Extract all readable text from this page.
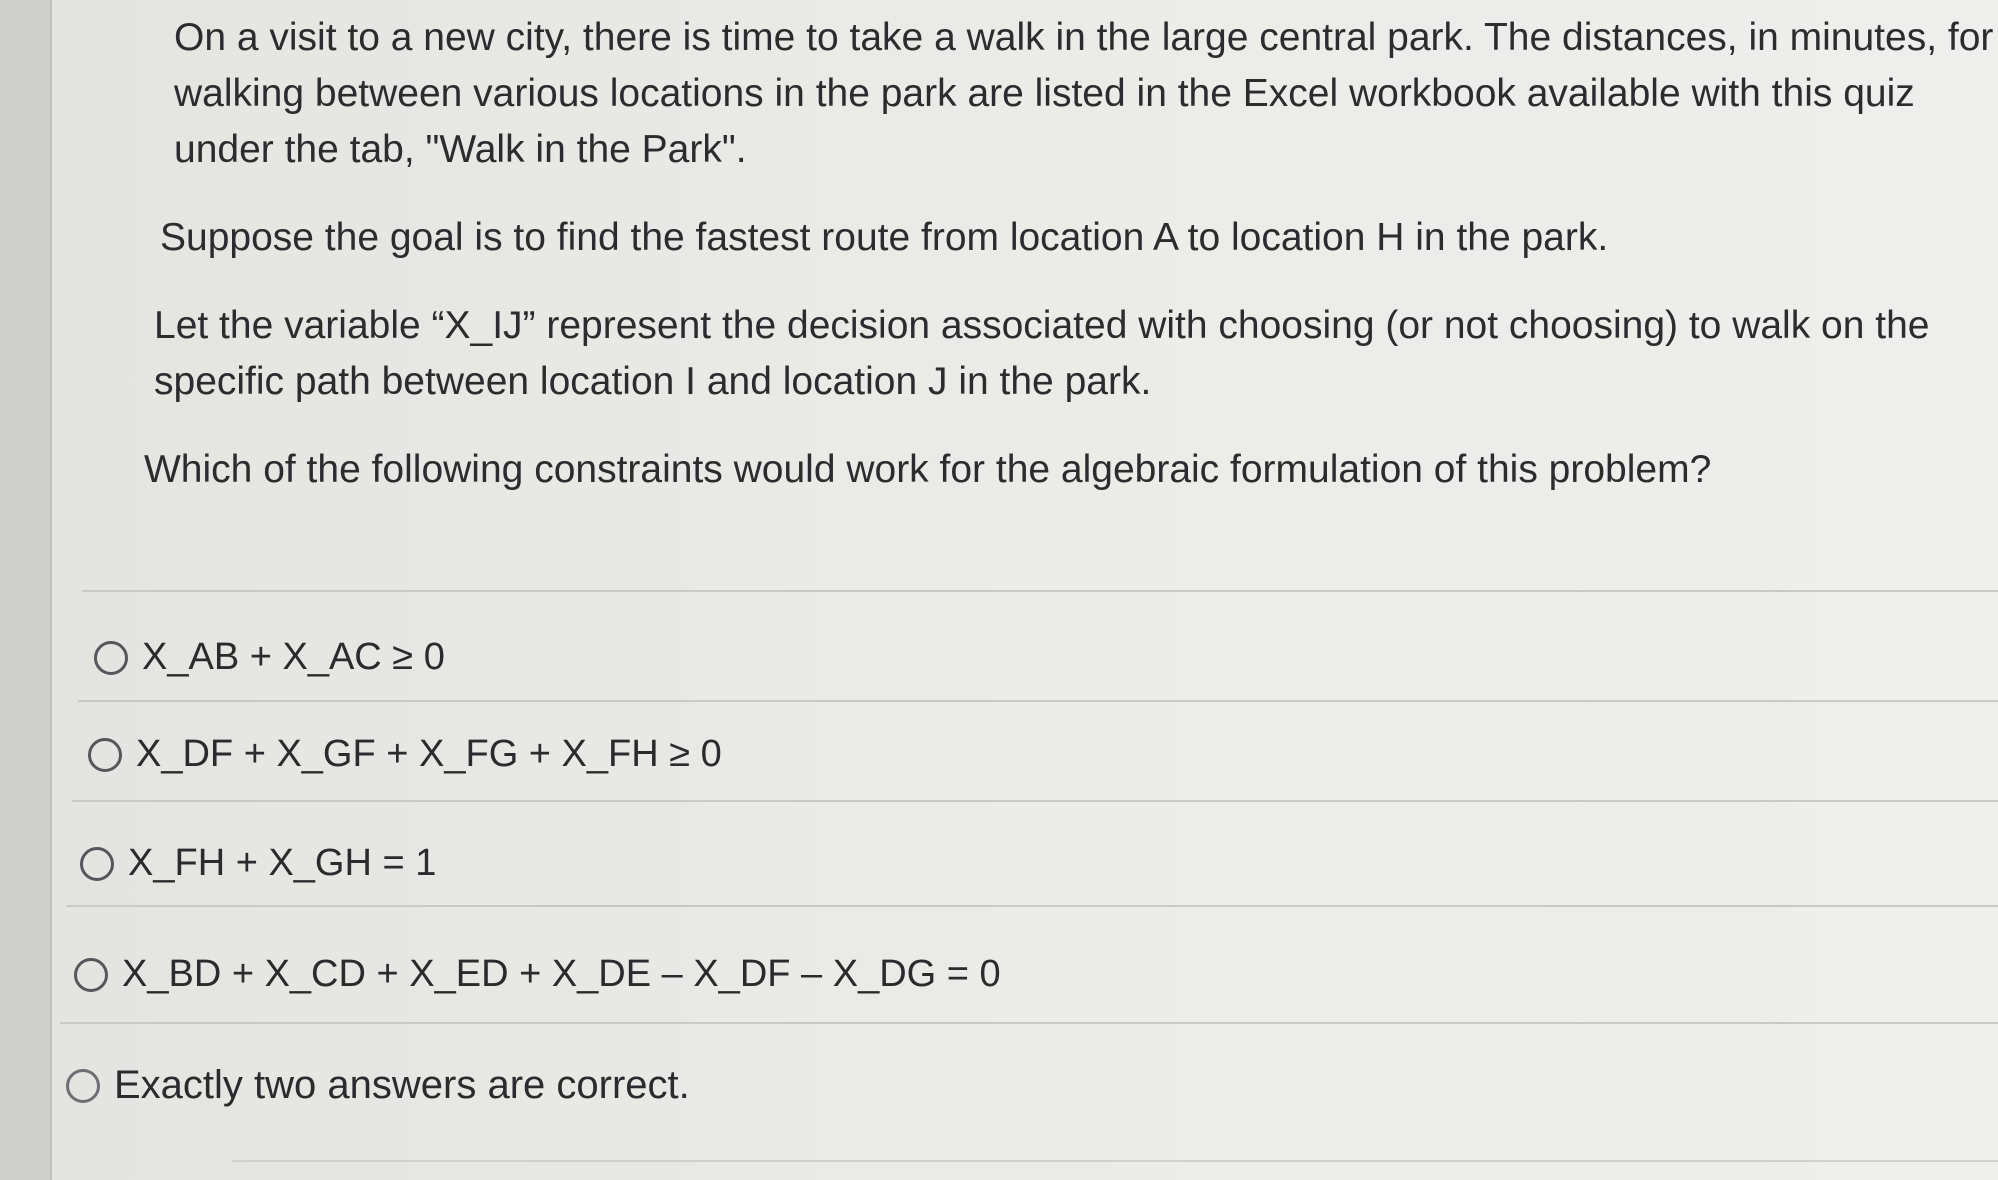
On a visit to a new city, there is time to take a walk in the large central park. The distances, in minutes, for walking between various locations in the park are listed in the Excel workbook available with this quiz under the tab, "Walk in the Park".

Suppose the goal is to find the fastest route from location A to location H in the park.

Let the variable “X_IJ” represent the decision associated with choosing (or not choosing) to walk on the specific path between location I and location J in the park.

Which of the following constraints would work for the algebraic formulation of this problem?

X_AB + X_AC ≥ 0
X_DF + X_GF + X_FG + X_FH ≥ 0
X_FH + X_GH = 1
X_BD + X_CD + X_ED + X_DE – X_DF – X_DG = 0
Exactly two answers are correct.
